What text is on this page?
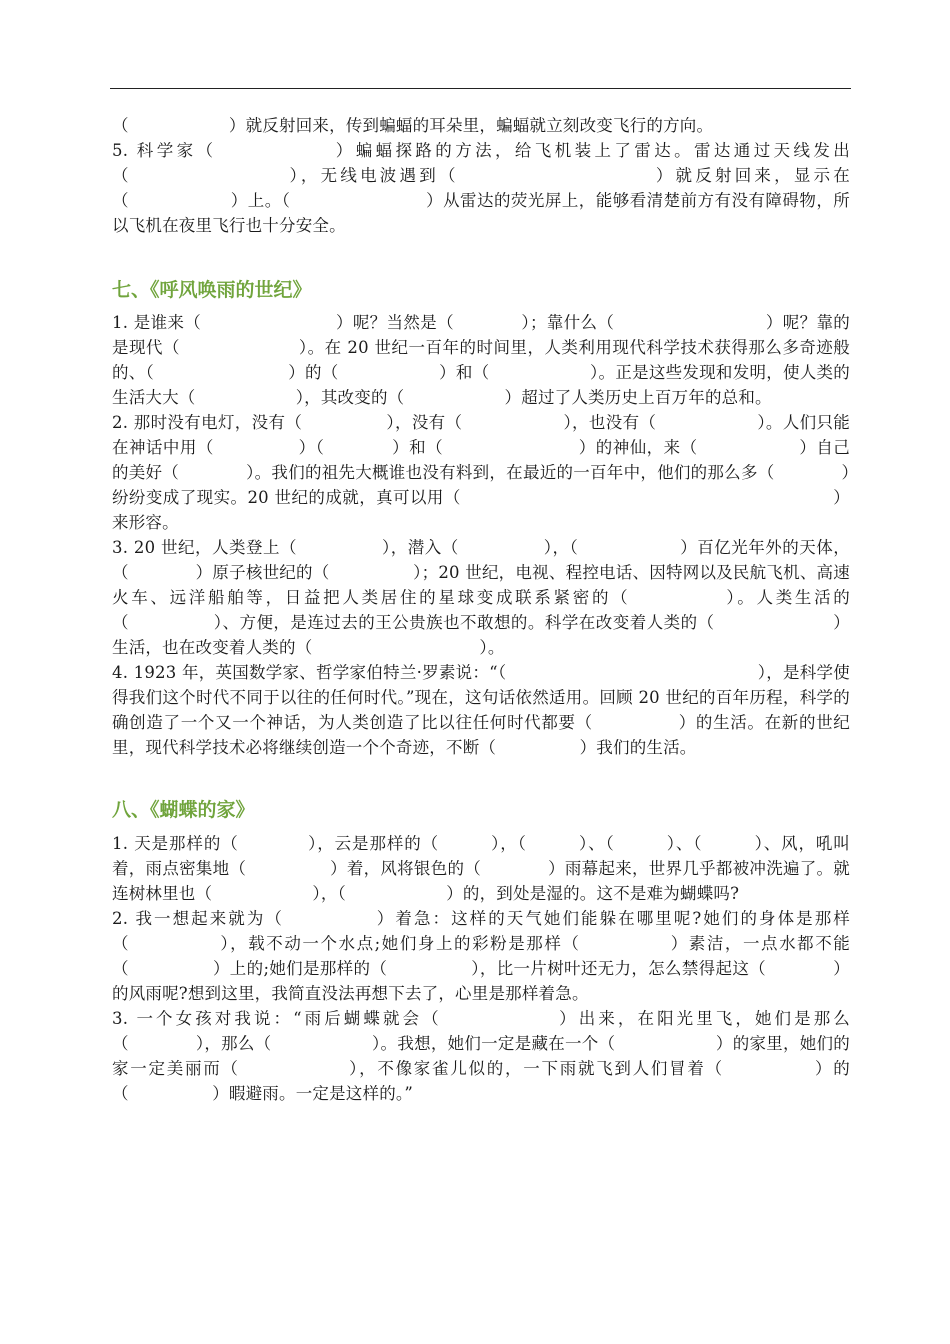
（　　　　　　）就反射回来，传到蝙蝠的耳朵里，蝙蝠就立刻改变飞行的方向。

5. 科学家（　　　　　　）蝙蝠探路的方法，给飞机装上了雷达。雷达通过天线发出（　　　　　　　　），无线电波遇到（　　　　　　　　　　）就反射回来，显示在（　　　　　　）上。（　　　　　　　　）从雷达的荧光屏上，能够看清楚前方有没有障碍物，所以飞机在夜里飞行也十分安全。

七、《呼风唤雨的世纪》

1. 是谁来（　　　　　　　　）呢？当然是（　　　　）；靠什么（　　　　　　　　　）呢？靠的是现代（　　　　　　　）。在 20 世纪一百年的时间里，人类利用现代科学技术获得那么多奇迹般的、（　　　　　　　　）的（　　　　　　）和（　　　　　　）。正是这些发现和发明，使人类的生活大大（　　　　　　），其改变的（　　　　　　）超过了人类历史上百万年的总和。

2. 那时没有电灯，没有（　　　　　），没有（　　　　　　），也没有（　　　　　　）。人们只能在神话中用（　　　　　）（　　　　）和（　　　　　　　　）的神仙，来（　　　　　　）自己的美好（　　　　）。我们的祖先大概谁也没有料到，在最近的一百年中，他们的那么多（　　　　）纷纷变成了现实。20 世纪的成就，真可以用（　　　　　　　　　　　　　　　　　　　　　　）来形容。

3. 20 世纪，人类登上（　　　　　），潜入（　　　　　），（　　　　　　）百亿光年外的天体，（　　　　）原子核世纪的（　　　　　）；20 世纪，电视、程控电话、因特网以及民航飞机、高速火车、远洋船舶等，日益把人类居住的星球变成联系紧密的（　　　　　）。人类生活的（　　　　　）、方便，是连过去的王公贵族也不敢想的。科学在改变着人类的（　　　　　　　）生活，也在改变着人类的（　　　　　　　　　　）。

4. 1923 年，英国数学家、哲学家伯特兰·罗素说：“（　　　　　　　　　　　　　　　），是科学使得我们这个时代不同于以往的任何时代。”现在，这句话依然适用。回顾 20 世纪的百年历程，科学的确创造了一个又一个神话，为人类创造了比以往任何时代都要（　　　　　）的生活。在新的世纪里，现代科学技术必将继续创造一个个奇迹，不断（　　　　　）我们的生活。

八、《蝴蝶的家》

1. 天是那样的（　　　　），云是那样的（　　　），（　　　）、（　　　）、（　　　）、风，吼叫着，雨点密集地（　　　　　）着，风将银色的（　　　　）雨幕起来，世界几乎都被冲洗遍了。就连树林里也（　　　　　　），（　　　　　　）的，到处是湿的。这不是难为蝴蝶吗?

2. 我一想起来就为（　　　　　）着急：这样的天气她们能躲在哪里呢?她们的身体是那样（　　　　　），载不动一个水点;她们身上的彩粉是那样（　　　　　）素洁，一点水都不能（　　　　　）上的;她们是那样的（　　　　　），比一片树叶还无力，怎么禁得起这（　　　　）的风雨呢?想到这里，我简直没法再想下去了，心里是那样着急。

3. 一个女孩对我说：“雨后蝴蝶就会（　　　　　　）出来，在阳光里飞，她们是那么（　　　　），那么（　　　　　　）。我想，她们一定是藏在一个（　　　　　　）的家里，她们的家一定美丽而（　　　　　　），不像家雀儿似的，一下雨就飞到人们冒着（　　　　　）的（　　　　　）暇避雨。一定是这样的。”
